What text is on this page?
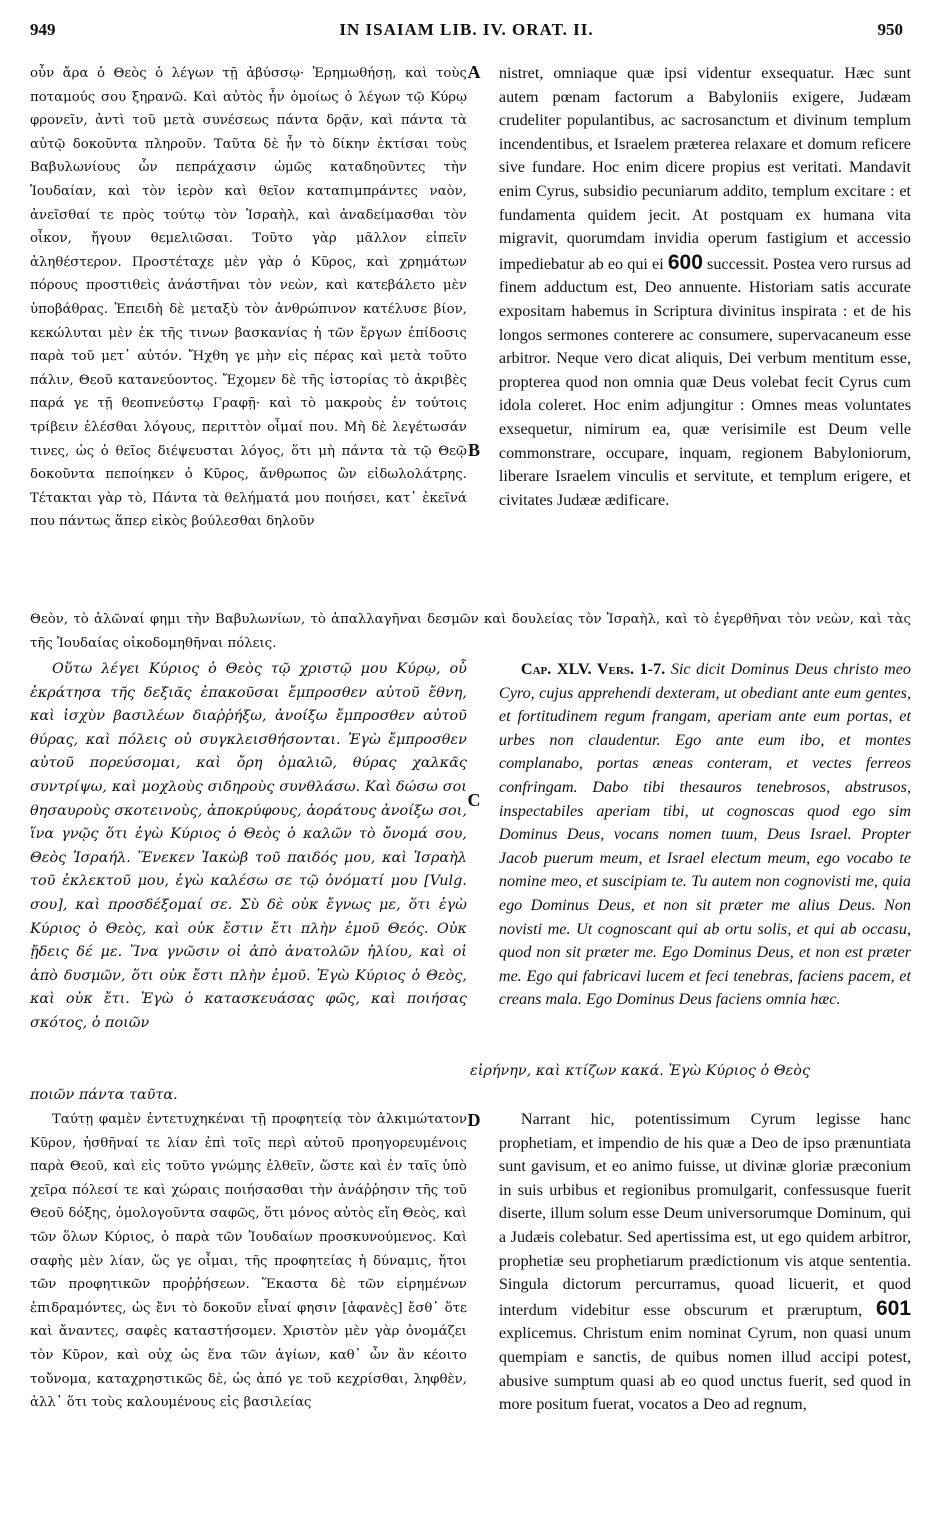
949	IN ISAIAM LIB. IV. ORAT. II.	950
A
B
C
D

οὖν ἄρα ὁ Θεὸς ὁ λέγων τῇ ἀβύσσῳ· Ἐρημωθήσῃ, καὶ τοὺς ποταμούς σου ξηρανῶ. Καὶ αὐτὸς ἦν ὁμοίως ὁ λέγων τῷ Κύρῳ φρονεῖν, ἀντὶ τοῦ μετὰ συνέσεως πάντα δρᾷν, καὶ πάντα τὰ αὐτῷ δοκοῦντα πληροῦν. Ταῦτα δὲ ἦν τὸ δίκην ἐκτίσαι τοὺς Βαβυλωνίους ὧν πεπράχασιν ὠμῶς καταδηοῦντες τὴν Ἰουδαίαν, καὶ τὸν ἱερὸν καὶ θεῖον καταπιμπράντες ναὸν, ἀνεῖσθαί τε πρὸς τούτῳ τὸν Ἰσραὴλ, καὶ ἀναδείμασθαι τὸν οἶκον, ἤγουν θεμελιῶσαι. Τοῦτο γὰρ μᾶλλον εἰπεῖν ἀληθέστερον. Προστέταχε μὲν γὰρ ὁ Κῦρος, καὶ χρημάτων πόρους προστιθεὶς ἀνάστῆναι τὸν νεὼν, καὶ κατεβάλετο μὲν ὑποβάθρας. Ἐπειδὴ δὲ μεταξὺ τὸν ἀνθρώπινον κατέλυσε βίον, κεκώλυται μὲν ἐκ τῆς τινων βασκανίας ἡ τῶν ἔργων ἐπίδοσις παρὰ τοῦ μετ᾽ αὐτόν. Ἤχθη γε μὴν εἰς πέρας καὶ μετὰ τοῦτο πάλιν, Θεοῦ κατανεύοντος. Ἔχομεν δὲ τῆς ἱστορίας τὸ ἀκριβὲς παρά γε τῇ θεοπνεύστῳ Γραφῇ· καὶ τὸ μακροὺς ἐν τούτοις τρίβειν ἑλέσθαι λόγους, περιττὸν οἶμαί που. Μὴ δὲ λεγέτωσάν τινες, ὡς ὁ θεῖος διέψευσται λόγος, ὅτι μὴ πάντα τὰ τῷ Θεῷ δοκοῦντα πεποίηκεν ὁ Κῦρος, ἄνθρωπος ὢν εἰδωλολάτρης. Τέτακται γὰρ τὸ, Πάντα τὰ θελήματά μου ποιήσει, κατ᾽ ἐκεῖνά που πάντως ἅπερ εἰκὸς βούλεσθαι δηλοῦν

nistret, omniaque quæ ipsi videntur exsequatur. Hæc sunt autem pœnam factorum a Babyloniis exigere, Judæam crudeliter populantibus, ac sacrosanctum et divinum templum incendentibus, et Israelem præterea relaxare et domum reficere sive fundare. Hoc enim dicere propius est veritati. Mandavit enim Cyrus, subsidio pecuniarum addito, templum excitare : et fundamenta quidem jecit. At postquam ex humana vita migravit, quorumdam invidia operum fastigium et accessio impediebatur ab eo qui ei 600 successit. Postea vero rursus ad finem adductum est, Deo annuente. Historiam satis accurate expositam habemus in Scriptura divinitus inspirata : et de his longos sermones conterere ac consumere, supervacaneum esse arbitror. Neque vero dicat aliquis, Dei verbum mentitum esse, propterea quod non omnia quæ Deus volebat fecit Cyrus cum idola coleret. Hoc enim adjungitur : Omnes meas voluntates exsequetur, nimirum ea, quæ verisimile est Deum velle commonstrare, occupare, inquam, regionem Babyloniorum, liberare Israelem vinculis et servitute, et templum erigere, et civitates Judææ ædificare.

Θεὸν, τὸ ἀλῶναί φημι τὴν Βαβυλωνίων, τὸ ἀπαλλαγῆναι δεσμῶν καὶ δουλείας τὸν Ἰσραὴλ, καὶ τὸ ἐγερθῆναι τὸν νεὼν, καὶ τὰς τῆς Ἰουδαίας οἰκοδομηθῆναι πόλεις.

Οὕτω λέγει Κύριος ὁ Θεὸς τῷ χριστῷ μου Κύρῳ, οὗ ἐκράτησα τῆς δεξιᾶς ἐπακοῦσαι ἔμπροσθεν αὐτοῦ ἔθνη, καὶ ἰσχὺν βασιλέων διαῤῥήξω, ἀνοίξω ἔμπροσθεν αὐτοῦ θύρας, καὶ πόλεις οὐ συγκλεισθήσονται. Ἐγὼ ἔμπροσθεν αὐτοῦ πορεύσομαι, καὶ ὄρη ὁμαλιῶ, θύρας χαλκᾶς συντρίψω, καὶ μοχλοὺς σιδηροὺς συνθλάσω. Καὶ δώσω σοι θησαυροὺς σκοτεινοὺς, ἀποκρύφους, ἀοράτους ἀνοίξω σοι, ἵνα γνῷς ὅτι ἐγὼ Κύριος ὁ Θεὸς ὁ καλῶν τὸ ὄνομά σου, Θεὸς Ἰσραήλ. Ἕνεκεν Ἰακὼβ τοῦ παιδός μου, καὶ Ἰσραὴλ τοῦ ἐκλεκτοῦ μου, ἐγὼ καλέσω σε τῷ ὀνόματί μου [Vulg. σου], καὶ προσδέξομαί σε. Σὺ δὲ οὐκ ἔγνως με, ὅτι ἐγὼ Κύριος ὁ Θεὸς, καὶ οὐκ ἔστιν ἔτι πλὴν ἐμοῦ Θεός. Οὐκ ᾔδεις δέ με. Ἵνα γνῶσιν οἱ ἀπὸ ἀνατολῶν ἡλίου, καὶ οἱ ἀπὸ δυσμῶν, ὅτι οὐκ ἔστι πλὴν ἐμοῦ. Ἐγὼ Κύριος ὁ Θεὸς, καὶ οὐκ ἔτι. Ἐγὼ ὁ κατασκευάσας φῶς, καὶ ποιήσας σκότος, ὁ ποιῶν

Cap. XLV. Vers. 1-7. Sic dicit Dominus Deus christo meo Cyro, cujus apprehendi dexteram, ut obediant ante eum gentes, et fortitudinem regum frangam, aperiam ante eum portas, et urbes non claudentur. Ego ante eum ibo, et montes complanabo, portas æneas conteram, et vectes ferreos confringam. Dabo tibi thesauros tenebrosos, abstrusos, inspectabiles aperiam tibi, ut cognoscas quod ego sim Dominus Deus, vocans nomen tuum, Deus Israel. Propter Jacob puerum meum, et Israel electum meum, ego vocabo te nomine meo, et suscipiam te. Tu autem non cognovisti me, quia ego Dominus Deus, et non sit præter me alius Deus. Non novisti me. Ut cognoscant qui ab ortu solis, et qui ab occasu, quod non sit præter me. Ego Dominus Deus, et non est præter me. Ego qui fabricavi lucem et feci tenebras, faciens pacem, et creans mala. Ego Dominus Deus faciens omnia hæc.

εἰρήνην, καὶ κτίζων κακά. Ἐγὼ Κύριος ὁ Θεὸς
ποιῶν πάντα ταῦτα.

Ταύτῃ φαμὲν ἐντετυχηκέναι τῇ προφητείᾳ τὸν ἀλκιμώτατον Κῦρον, ἡσθῆναί τε λίαν ἐπὶ τοῖς περὶ αὐτοῦ προηγορευμένοις παρὰ Θεοῦ, καὶ εἰς τοῦτο γνώμης ἐλθεῖν, ὥστε καὶ ἐν ταῖς ὑπὸ χεῖρα πόλεσί τε καὶ χώραις ποιήσασθαι τὴν ἀνάῤῥησιν τῆς τοῦ Θεοῦ δόξης, ὁμολογοῦντα σαφῶς, ὅτι μόνος αὐτὸς εἴη Θεὸς, καὶ τῶν ὅλων Κύριος, ὁ παρὰ τῶν Ἰουδαίων προσκυνούμενος. Καὶ σαφὴς μὲν λίαν, ὥς γε οἶμαι, τῆς προφητείας ἡ δύναμις, ἤτοι τῶν προφητικῶν προῤῥήσεων. Ἕκαστα δὲ τῶν εἰρημένων ἐπιδραμόντες, ὡς ἔνι τὸ δοκοῦν εἶναί φησιν [ἀφανὲς] ἔσθ᾽ ὅτε καὶ ἄναντες, σαφὲς καταστήσομεν. Χριστὸν μὲν γὰρ ὀνομάζει τὸν Κῦρον, καὶ οὐχ ὡς ἕνα τῶν ἁγίων, καθ᾽ ὧν ἂν κέοιτο τοὔνομα, καταχρηστικῶς δὲ, ὡς ἀπό γε τοῦ κεχρίσθαι, ληφθὲν, ἀλλ᾽ ὅτι τοὺς καλουμένους εἰς βασιλείας

Narrant hic, potentissimum Cyrum legisse hanc prophetiam, et impendio de his quæ a Deo de ipso prænuntiata sunt gavisum, et eo animo fuisse, ut divinæ gloriæ præconium in suis urbibus et regionibus promulgarit, confessusque fuerit diserte, illum solum esse Deum universorumque Dominum, qui a Judæis colebatur. Sed apertissima est, ut ego quidem arbitror, prophetiæ seu prophetiarum prædictionum vis atque sententia. Singula dictorum percurramus, quoad licuerit, et quod interdum videbitur esse obscurum et præruptum, 601 explicemus. Christum enim nominat Cyrum, non quasi unum quempiam e sanctis, de quibus nomen illud accipi potest, abusive sumptum quasi ab eo quod unctus fuerit, sed quod in more positum fuerat, vocatos a Deo ad regnum,
